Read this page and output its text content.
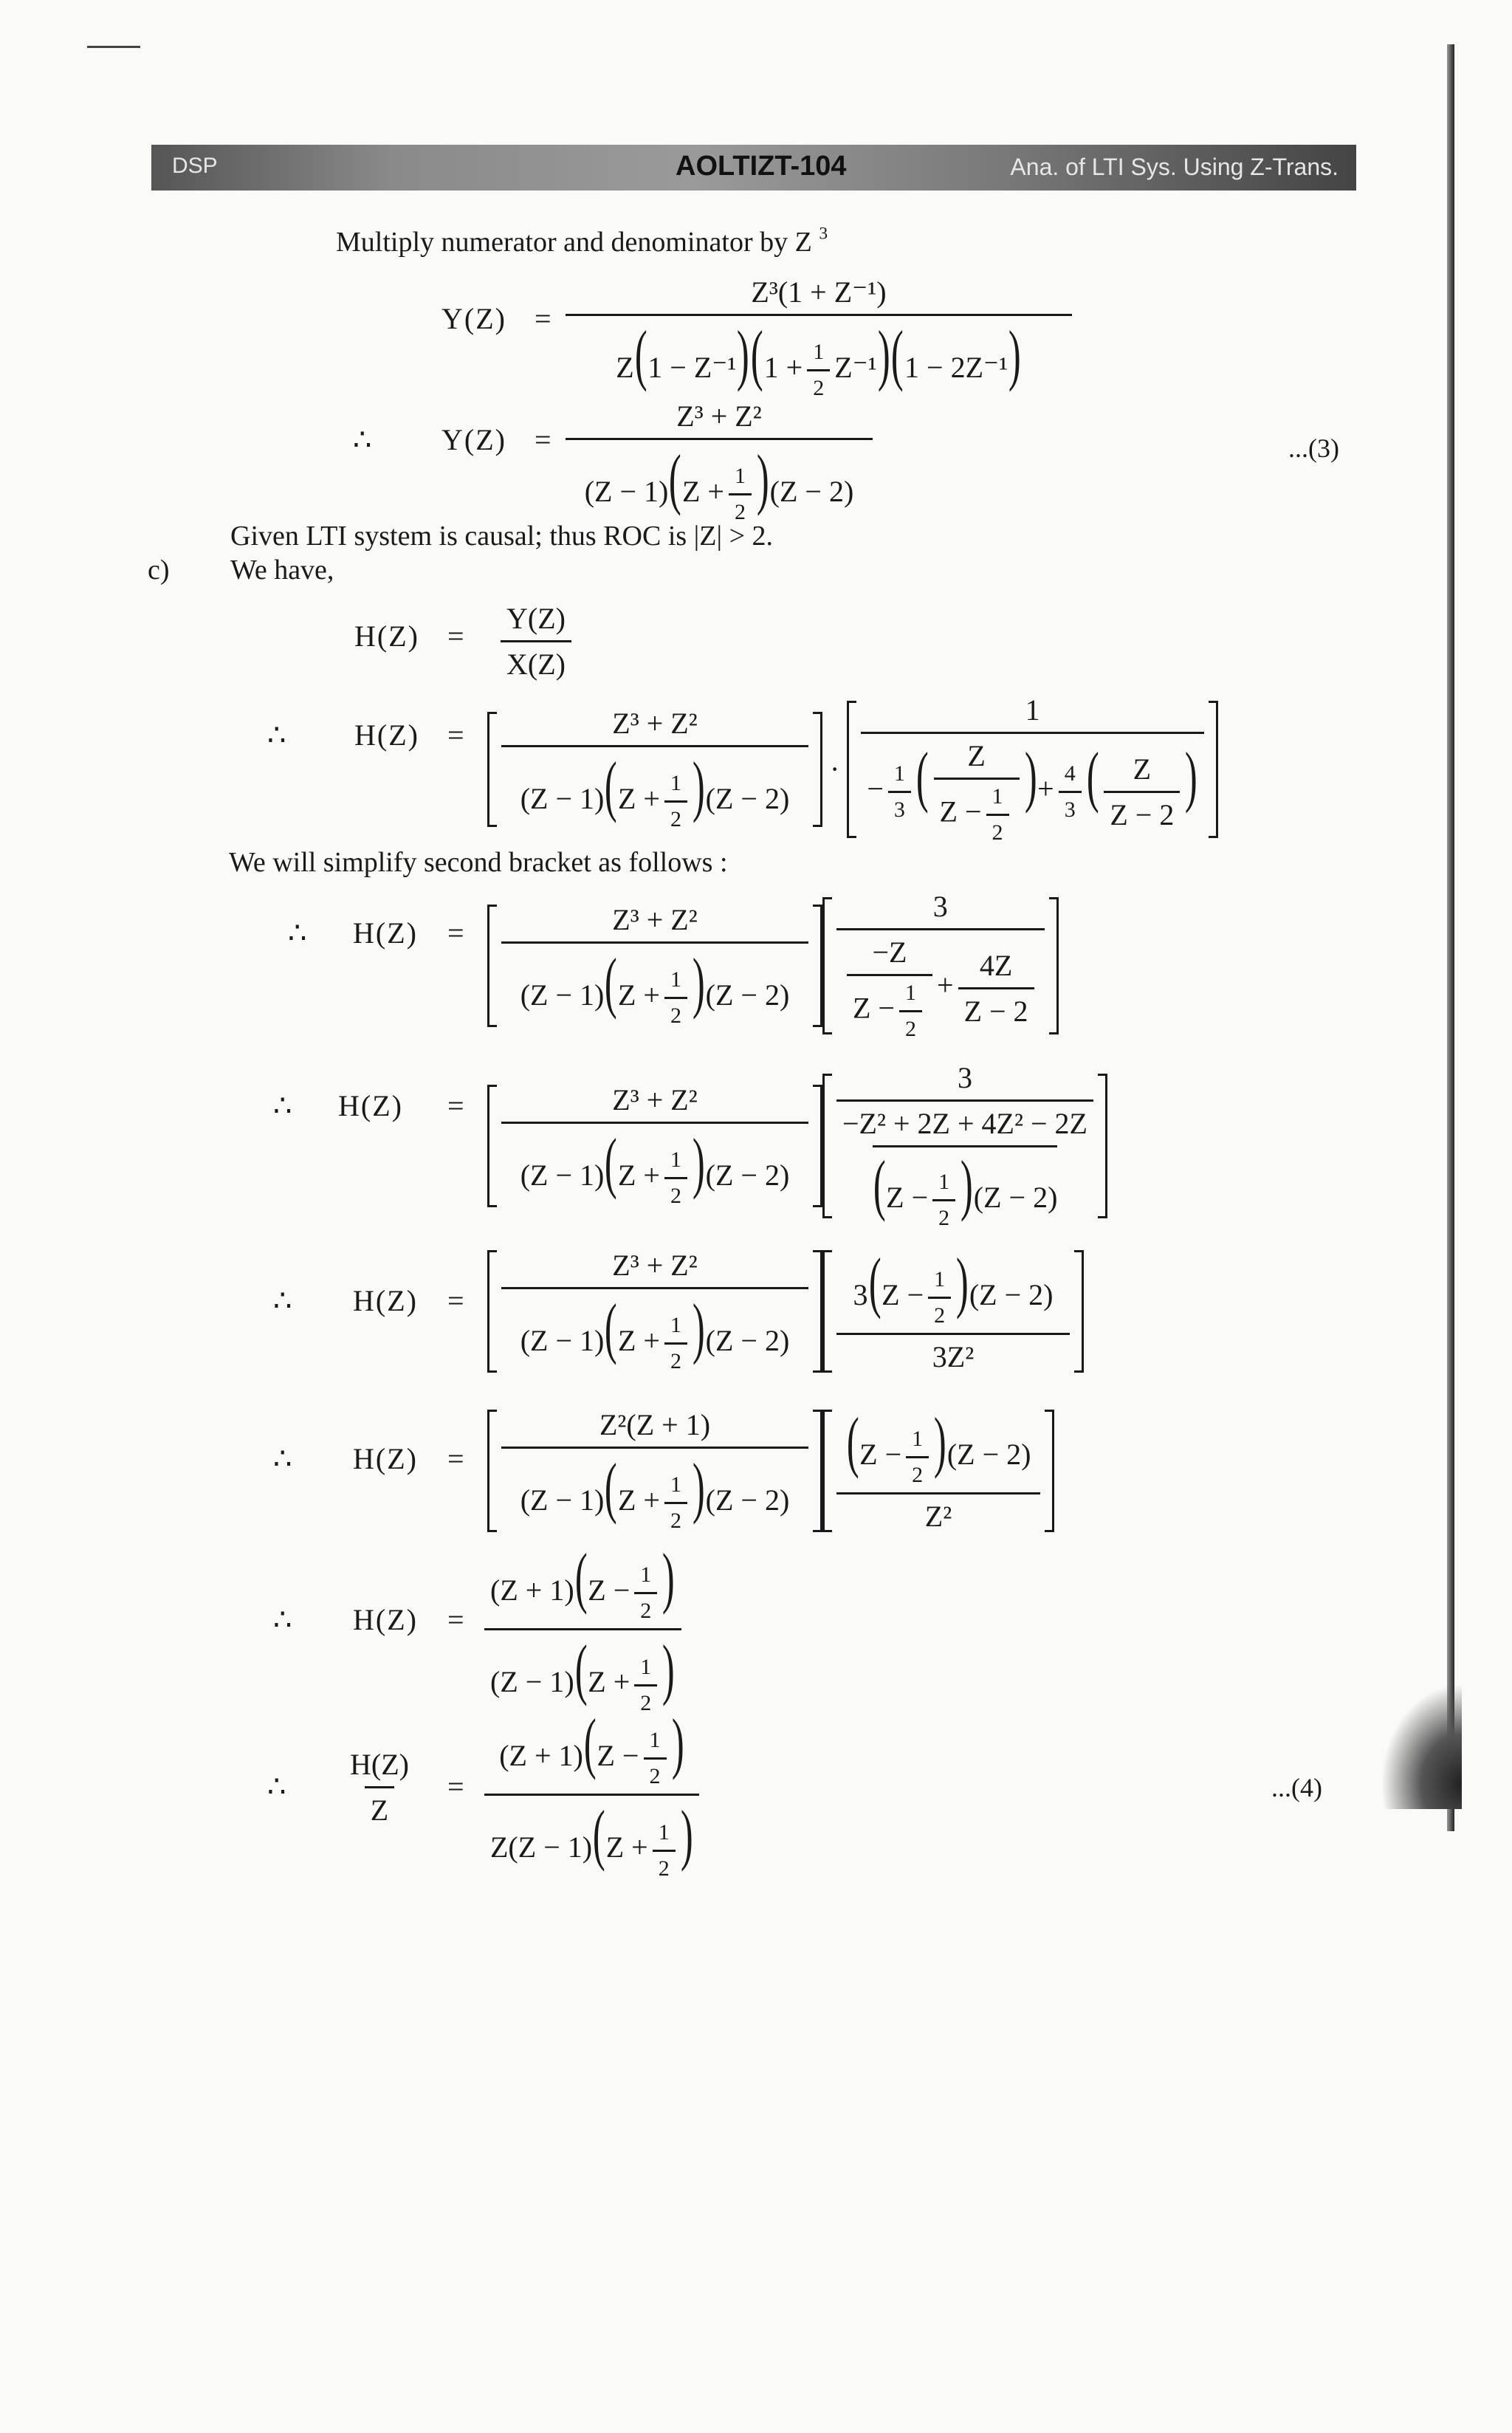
DSP	AOLTIZT-104	Ana. of LTI Sys. Using Z-Trans.
Multiply numerator and denominator by Z $^3$
$Y(Z) = \frac{\text{Z³(1 + Z⁻¹)}}{Z(1 - Z^{-1})(1 + \frac{1}{2} Z^{-1})(1 - 2Z^{-1})}$
∴ $Y(Z) = \frac{\text{Z³ + Z²}}{(Z - 1)(Z + \frac{1}{2} )(Z - 2)}$	...(3)
Given LTI system is causal; thus ROC is |Z| > 2.
c) We have,
$H(Z) = \frac{Y(Z)}{X(Z)}$
∴ $H(Z) = \frac{\text{Z³ + Z²}}{(Z - 1)(Z + \frac{1}{2} )(Z - 2)} \cdot \frac{1}{- \frac{1}{3} ( \frac{Z}{Z - \frac{1}{2}} )+ \frac{4}{3} ( \frac{Z}{Z - 2} )}$
We will simplify second bracket as follows :
∴ $H(Z) = \frac{\text{Z³ + Z²}}{(Z - 1)(Z + \frac{1}{2} )(Z - 2)} \frac{3}{\frac{-Z}{Z - \frac{1}{2}} + \frac{4Z}{Z - 2}}$
∴ $H(Z) = \frac{\text{Z³ + Z²}}{(Z - 1)(Z + \frac{1}{2} )(Z - 2)} 3$
−Z² + 2Z + 4Z² − 2Z
$(Z - \frac{1}{2} )(Z - 2)$
∴ $H(Z) = \frac{\text{Z³ + Z²}}{(Z - 1)(Z + \frac{1}{2} )(Z - 2)} \frac{3(Z - \frac{1}{2} )(Z - 2)}{\text{3Z²}}$
∴ $H(Z) = \frac{\text{Z²(Z + 1)}}{(Z - 1)(Z + \frac{1}{2} )(Z - 2)} \frac{(Z - \frac{1}{2} )(Z - 2)}{\text{Z²}}$
∴ $H(Z) = \frac{(Z + 1)(Z - \frac{1}{2} )}{(Z - 1)(Z + \frac{1}{2} )}$
∴ $\frac{H(Z)}{Z} = \frac{(Z + 1)(Z - \frac{1}{2} )}{Z(Z - 1)(Z + \frac{1}{2} )}$	...(4)
